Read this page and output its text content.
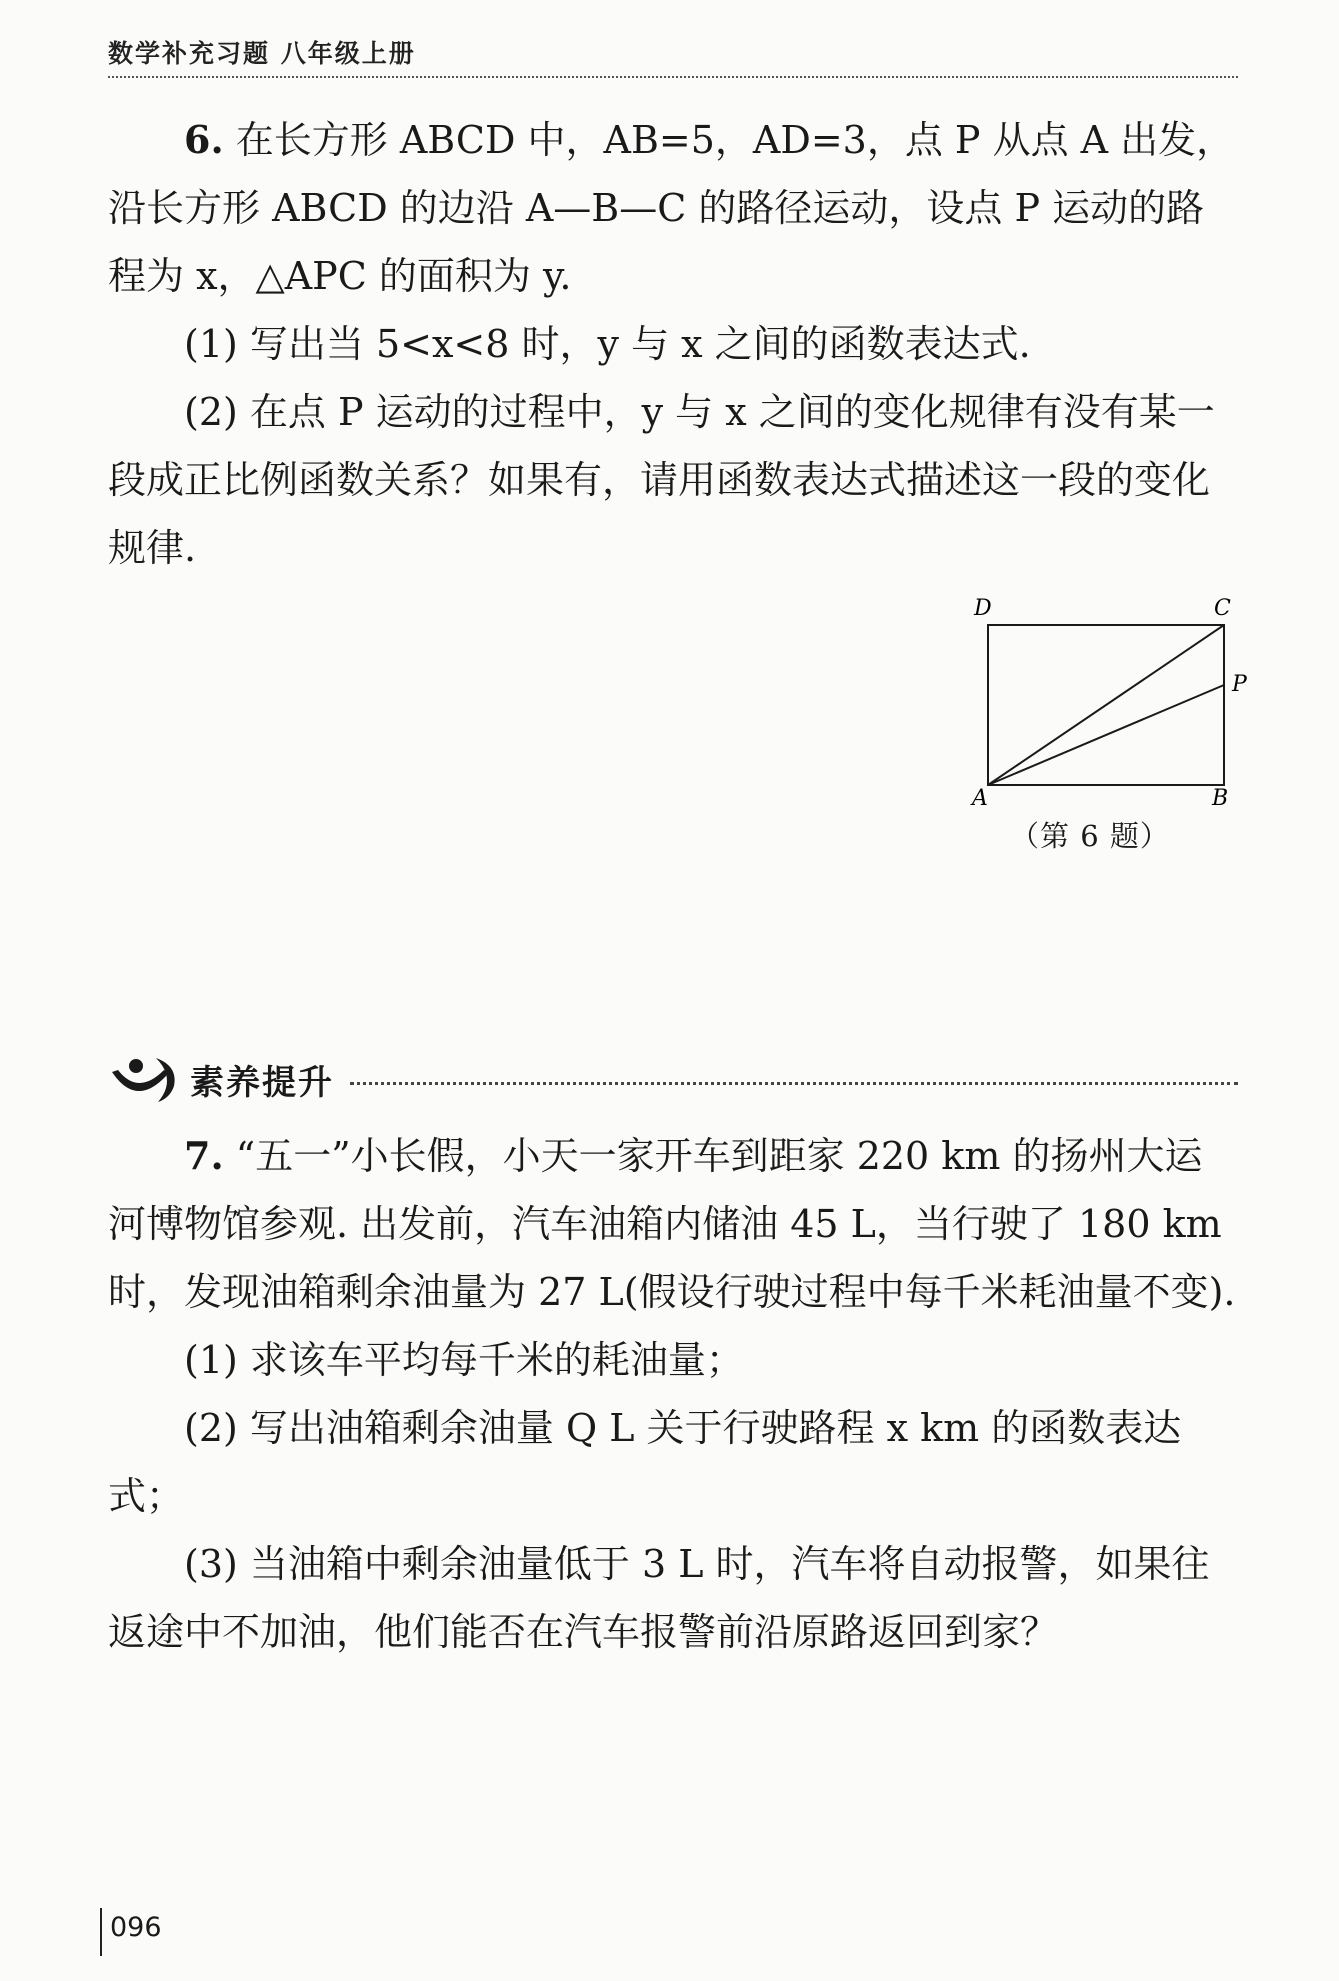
数学补充习题 八年级上册

6. 在长方形 ABCD 中，AB=5，AD=3，点 P 从点 A 出发，沿长方形 ABCD 的边沿 A—B—C 的路径运动，设点 P 运动的路程为 x，△APC 的面积为 y.

(1) 写出当 5<x<8 时，y 与 x 之间的函数表达式.

(2) 在点 P 运动的过程中，y 与 x 之间的变化规律有没有某一段成正比例函数关系？如果有，请用函数表达式描述这一段的变化规律.

D	C
P
A	B
（第 6 题）
素养提升

7. “五一”小长假，小天一家开车到距家 220 km 的扬州大运河博物馆参观. 出发前，汽车油箱内储油 45 L，当行驶了 180 km 时，发现油箱剩余油量为 27 L(假设行驶过程中每千米耗油量不变).

(1) 求该车平均每千米的耗油量；

(2) 写出油箱剩余油量 Q L 关于行驶路程 x km 的函数表达式；

(3) 当油箱中剩余油量低于 3 L 时，汽车将自动报警，如果往返途中不加油，他们能否在汽车报警前沿原路返回到家？

096
